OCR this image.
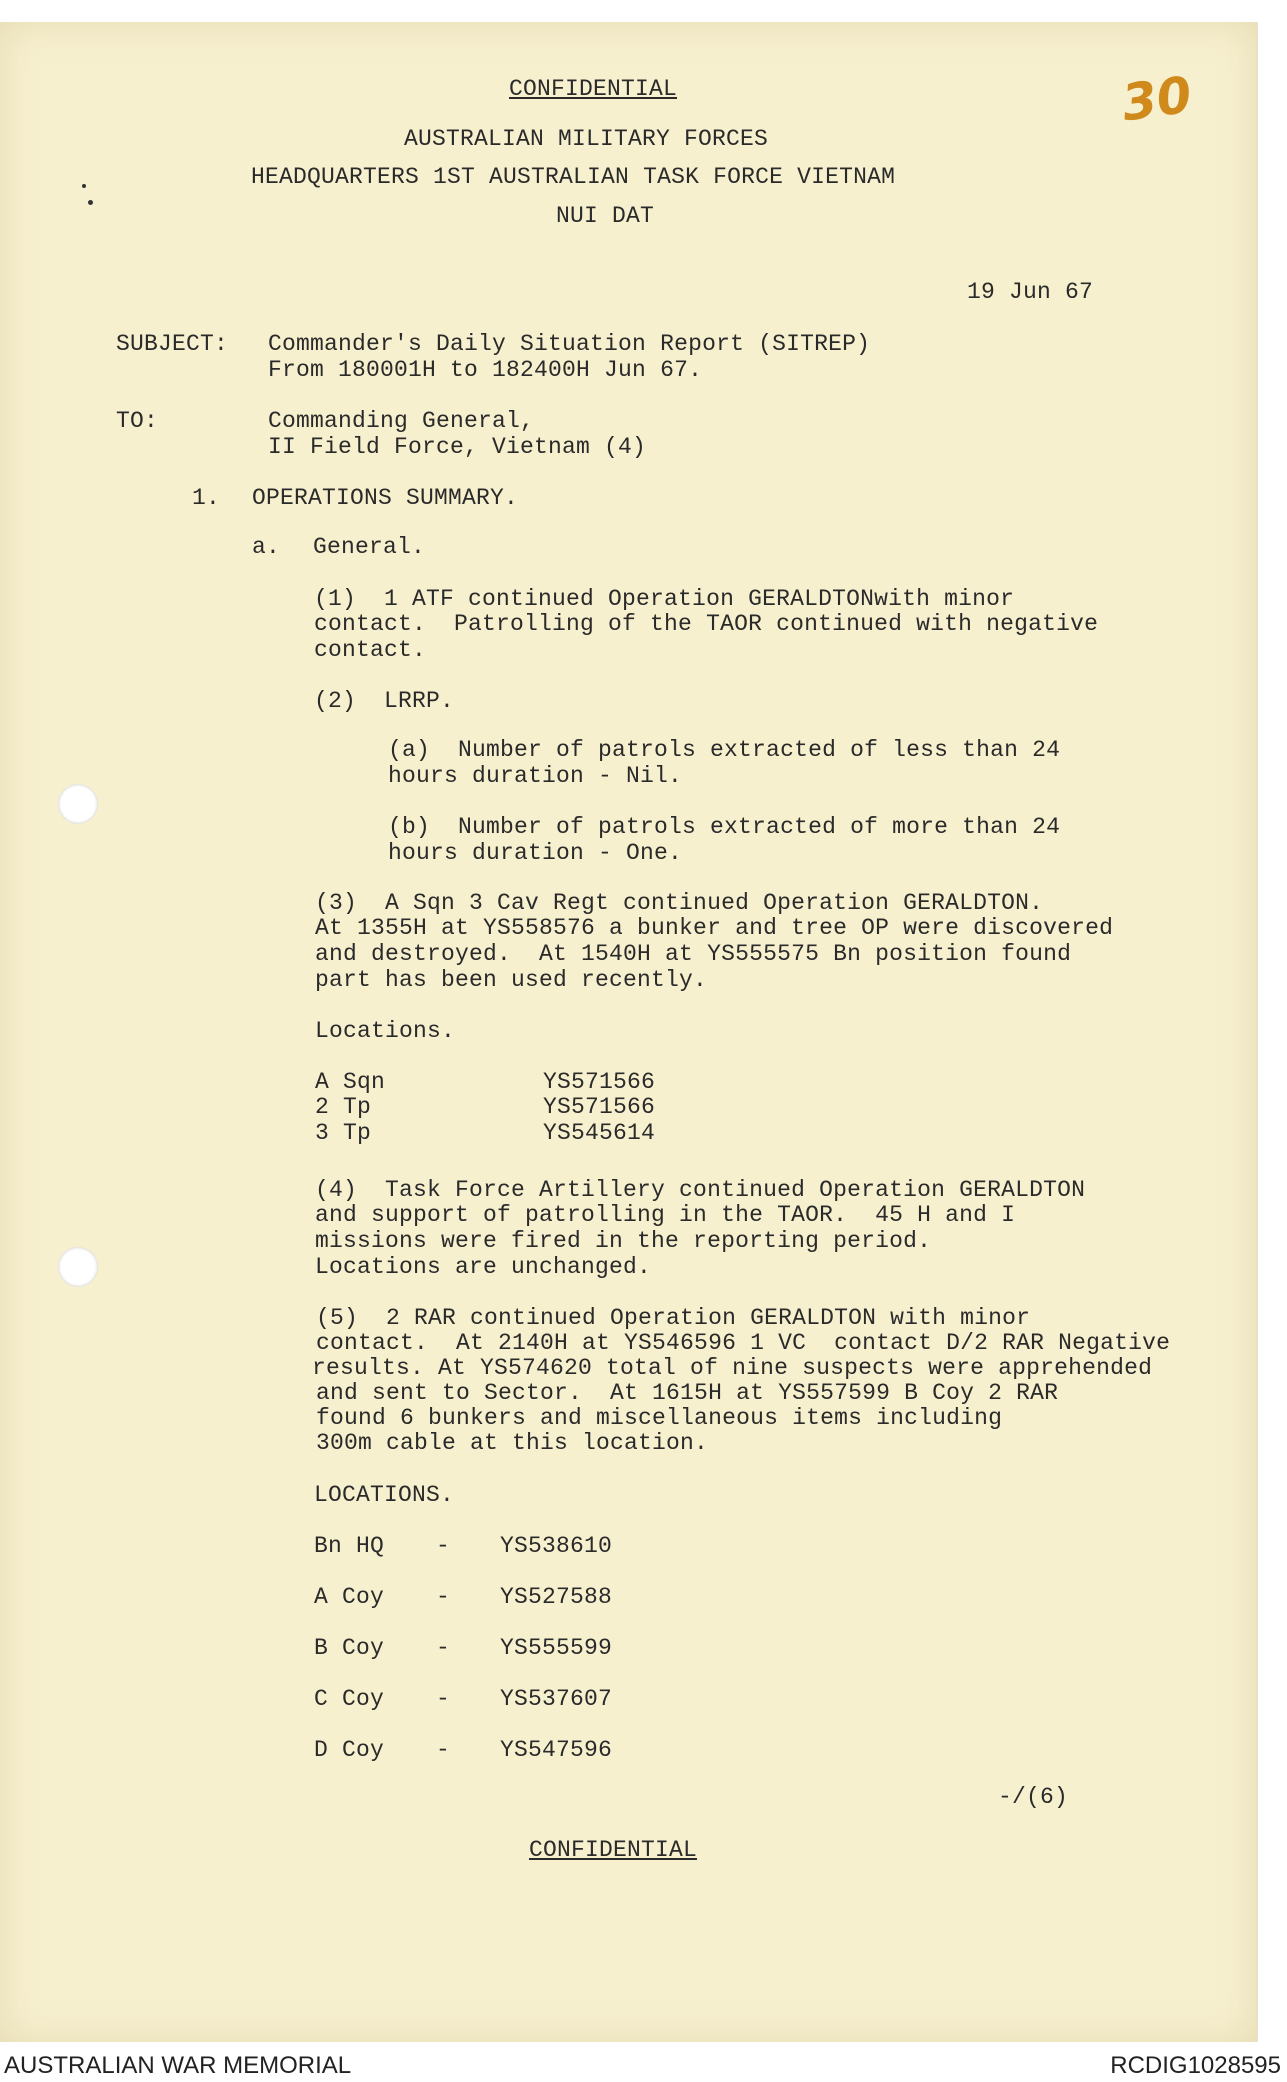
CONFIDENTIAL
AUSTRALIAN MILITARY FORCES
HEADQUARTERS 1ST AUSTRALIAN TASK FORCE VIETNAM
NUI DAT
30
19 Jun 67
SUBJECT: Commander's Daily Situation Report (SITREP)
From 180001H to 182400H Jun 67.
TO:	Commanding General,
II Field Force, Vietnam (4)
1. OPERATIONS SUMMARY.
a. General.
(1)  1 ATF continued Operation GERALDTONwith minor
contact.  Patrolling of the TAOR continued with negative
contact.
(2)  LRRP.
(a)  Number of patrols extracted of less than 24
hours duration - Nil.
(b)  Number of patrols extracted of more than 24
hours duration - One.
(3)  A Sqn 3 Cav Regt continued Operation GERALDTON.
At 1355H at YS558576 a bunker and tree OP were discovered
and destroyed.  At 1540H at YS555575 Bn position found
part has been used recently.
Locations.
A Sqn	YS571566
2 Tp	YS571566
3 Tp	YS545614
(4)  Task Force Artillery continued Operation GERALDTON
and support of patrolling in the TAOR.  45 H and I
missions were fired in the reporting period.
Locations are unchanged.
(5)  2 RAR continued Operation GERALDTON with minor
contact.  At 2140H at YS546596 1 VC  contact D/2 RAR Negative
results. At YS574620 total of nine suspects were apprehended
and sent to Sector.  At 1615H at YS557599 B Coy 2 RAR
found 6 bunkers and miscellaneous items including
300m cable at this location.
LOCATIONS.
Bn HQ - YS538610
A Coy - YS527588
B Coy - YS555599
C Coy - YS537607
D Coy - YS547596
-/(6)
CONFIDENTIAL
AUSTRALIAN WAR MEMORIAL	RCDIG1028595
